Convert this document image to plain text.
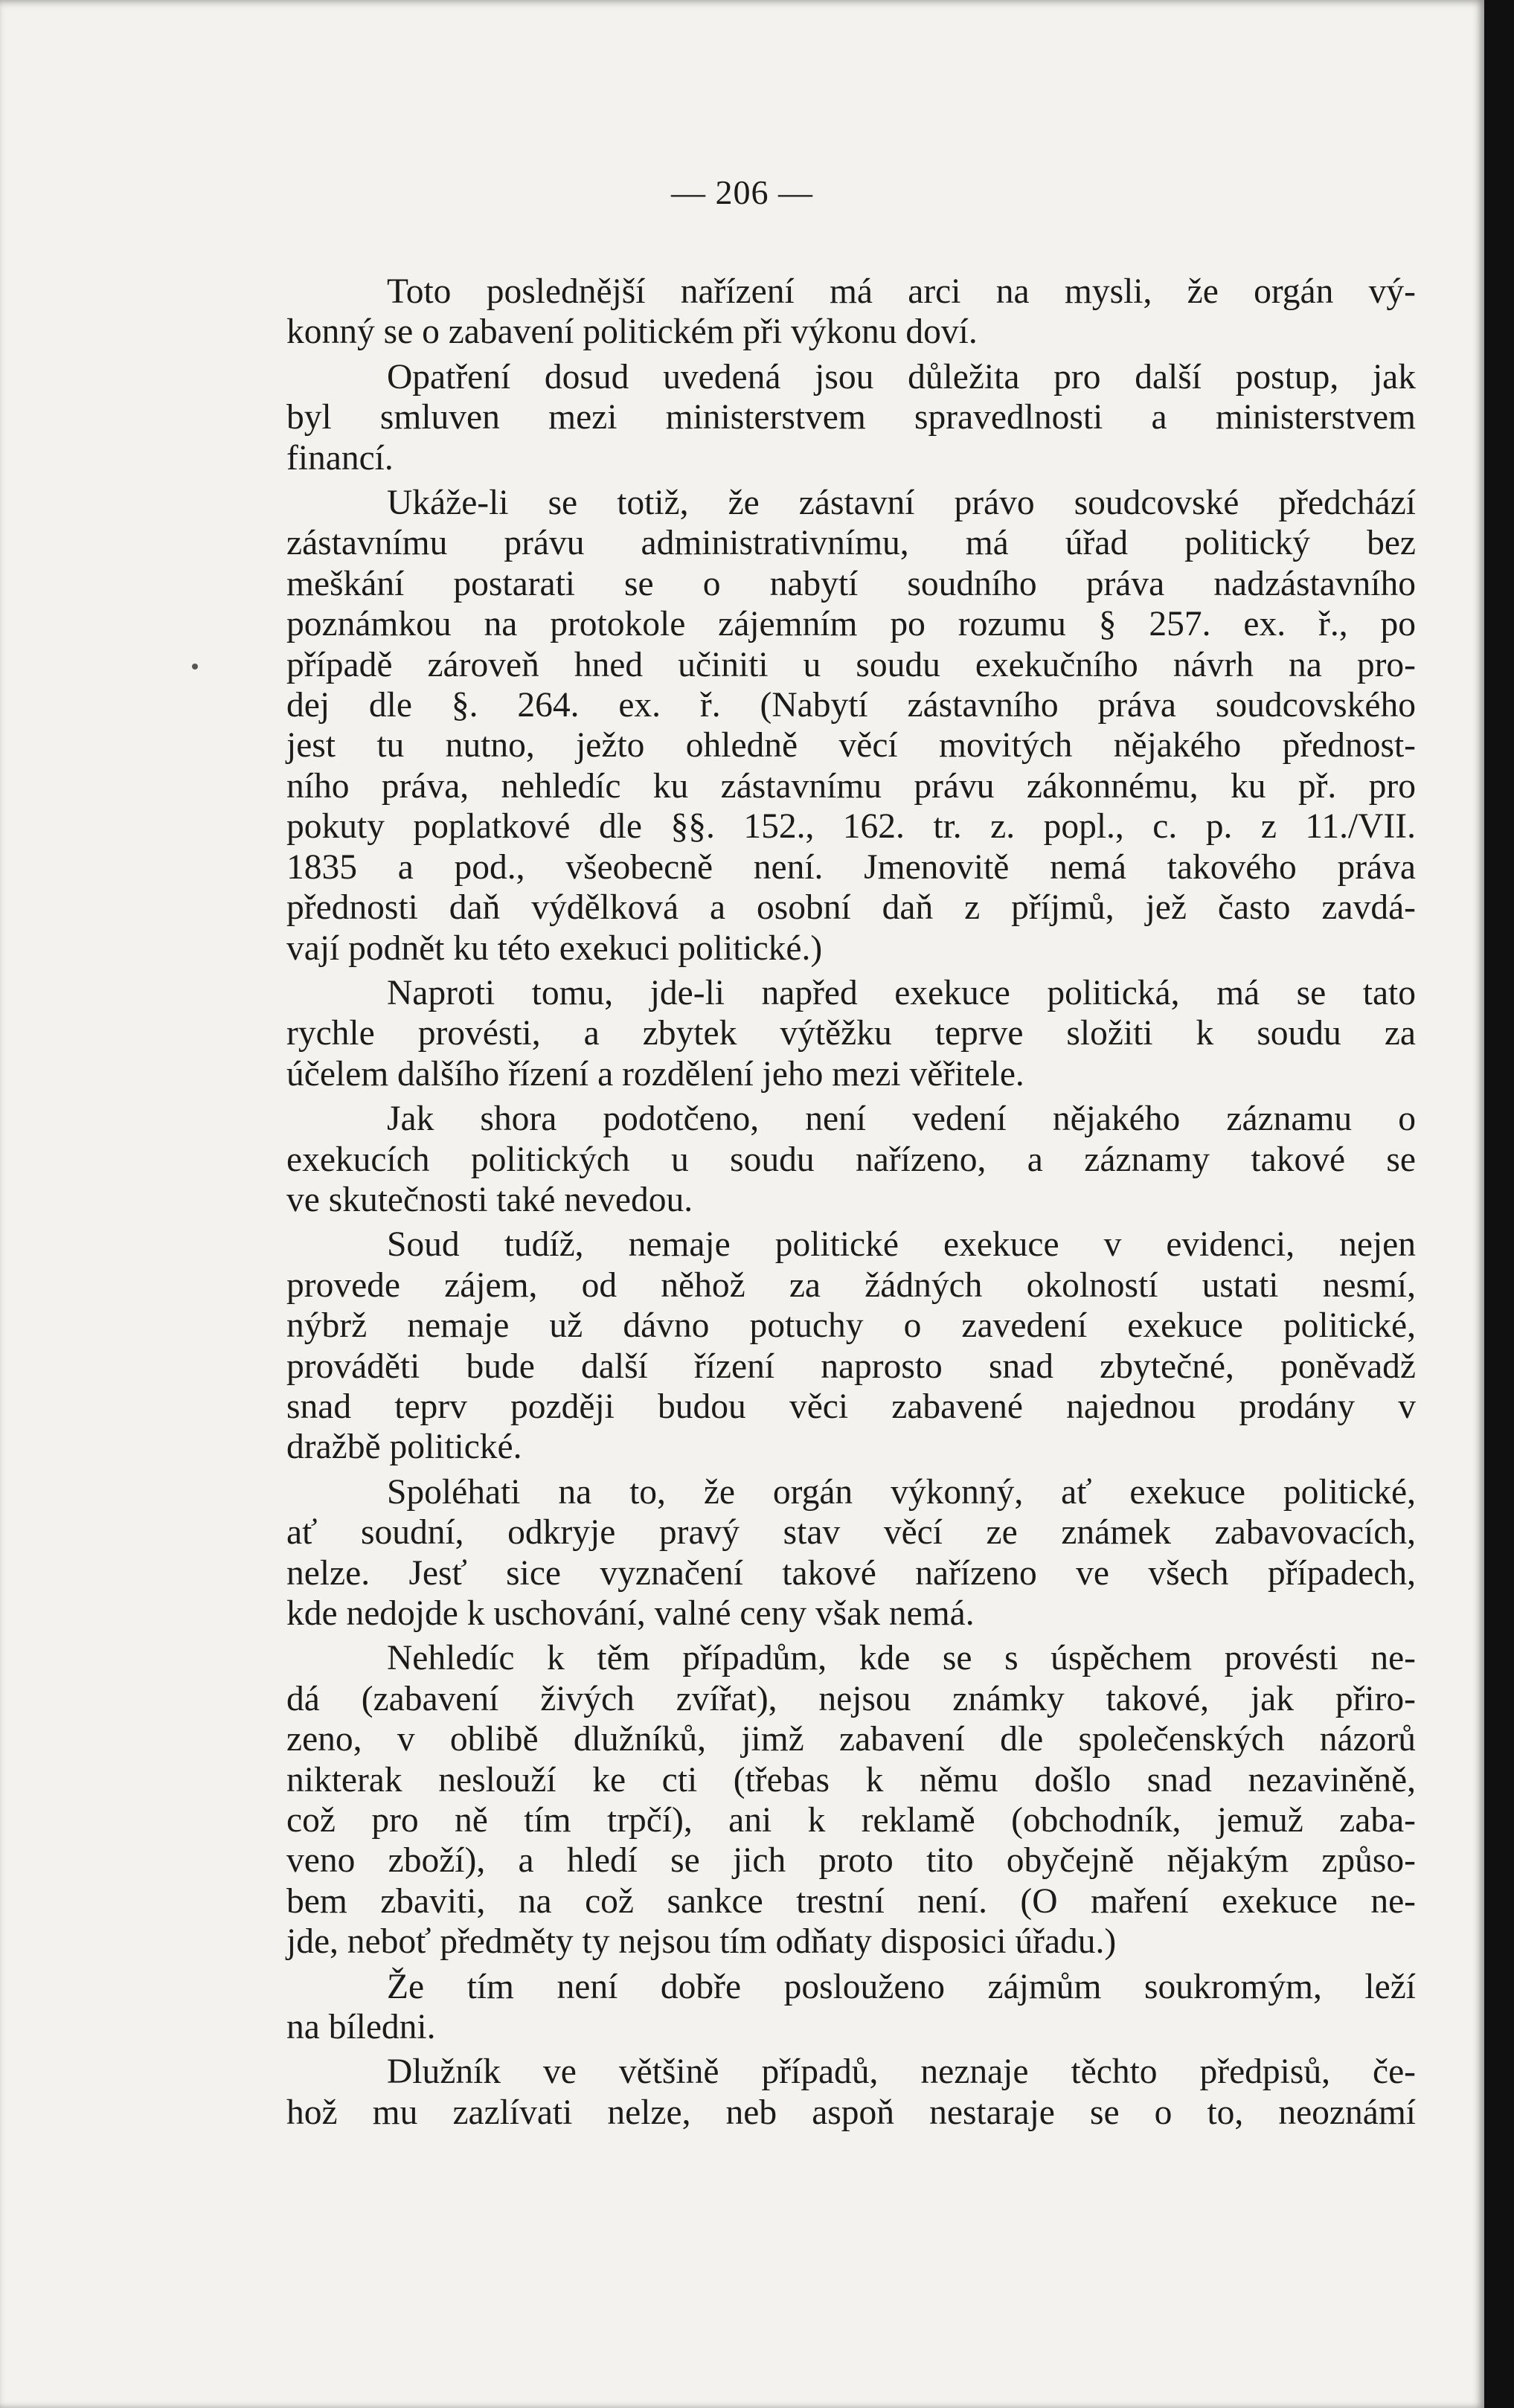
— 206 —

Toto poslednější nařízení má arci na mysli, že orgán vý-
konný se o zabavení politickém při výkonu doví.

Opatření dosud uvedená jsou důležita pro další postup, jak
byl smluven mezi ministerstvem spravedlnosti a ministerstvem
financí.

Ukáže-li se totiž, že zástavní právo soudcovské předchází
zástavnímu právu administrativnímu, má úřad politický bez
meškání postarati se o nabytí soudního práva nadzástavního
poznámkou na protokole zájemním po rozumu § 257. ex. ř., po
případě zároveň hned učiniti u soudu exekučního návrh na pro-
dej dle §. 264. ex. ř. (Nabytí zástavního práva soudcovského
jest tu nutno, ježto ohledně věcí movitých nějakého přednost-
ního práva, nehledíc ku zástavnímu právu zákonnému, ku př. pro
pokuty poplatkové dle §§. 152., 162. tr. z. popl., c. p. z 11./VII.
1835 a pod., všeobecně není. Jmenovitě nemá takového práva
přednosti daň výdělková a osobní daň z příjmů, jež často zavdá-
vají podnět ku této exekuci politické.)

Naproti tomu, jde-li napřed exekuce politická, má se tato
rychle provésti, a zbytek výtěžku teprve složiti k soudu za
účelem dalšího řízení a rozdělení jeho mezi věřitele.

Jak shora podotčeno, není vedení nějakého záznamu o
exekucích politických u soudu nařízeno, a záznamy takové se
ve skutečnosti také nevedou.

Soud tudíž, nemaje politické exekuce v evidenci, nejen
provede zájem, od něhož za žádných okolností ustati nesmí,
nýbrž nemaje už dávno potuchy o zavedení exekuce politické,
prováděti bude další řízení naprosto snad zbytečné, poněvadž
snad teprv později budou věci zabavené najednou prodány v
dražbě politické.

Spoléhati na to, že orgán výkonný, ať exekuce politické,
ať soudní, odkryje pravý stav věcí ze známek zabavovacích,
nelze. Jesť sice vyznačení takové nařízeno ve všech případech,
kde nedojde k uschování, valné ceny však nemá.

Nehledíc k těm případům, kde se s úspěchem provésti ne-
dá (zabavení živých zvířat), nejsou známky takové, jak přiro-
zeno, v oblibě dlužníků, jimž zabavení dle společenských názorů
nikterak neslouží ke cti (třebas k němu došlo snad nezaviněně,
což pro ně tím trpčí), ani k reklamě (obchodník, jemuž zaba-
veno zboží), a hledí se jich proto tito obyčejně nějakým způso-
bem zbaviti, na což sankce trestní není. (O maření exekuce ne-
jde, neboť předměty ty nejsou tím odňaty disposici úřadu.)

Že tím není dobře poslouženo zájmům soukromým, leží
na bíledni.

Dlužník ve většině případů, neznaje těchto předpisů, če-
hož mu zazlívati nelze, neb aspoň nestaraje se o to, neoznámí
